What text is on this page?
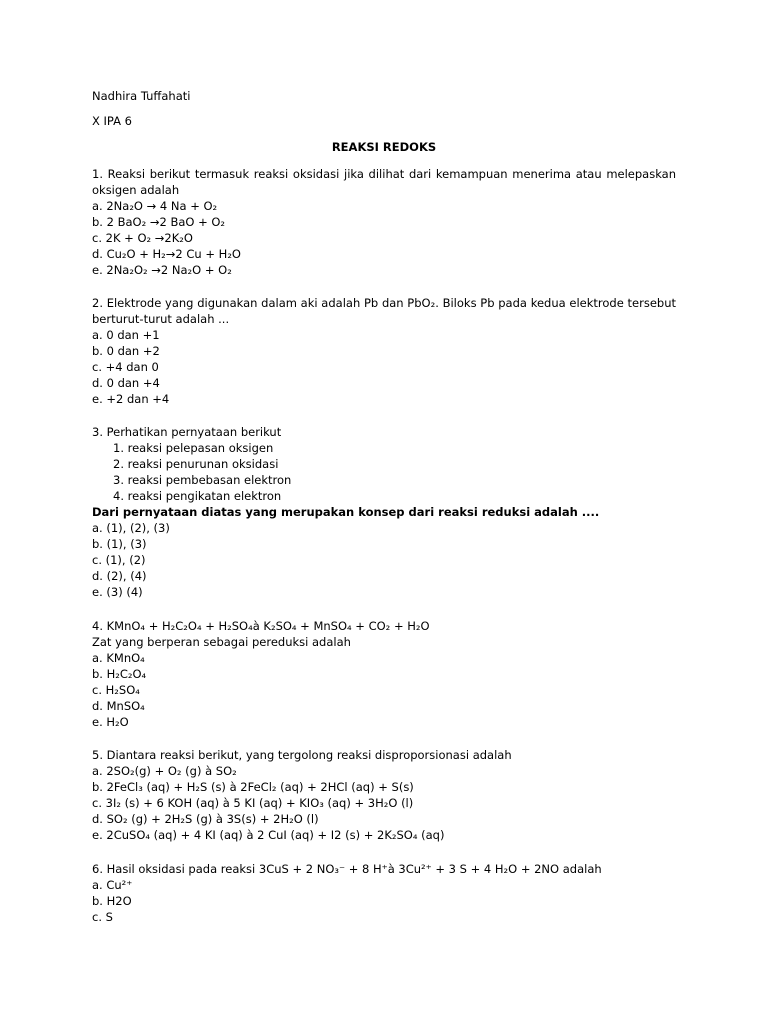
Nadhira Tuffahati
X IPA 6
REAKSI REDOKS
1. Reaksi berikut termasuk reaksi oksidasi jika dilihat dari kemampuan menerima atau melepaskan oksigen adalah
a. 2Na₂O → 4 Na + O₂
b. 2 BaO₂ →2 BaO + O₂
c. 2K + O₂ →2K₂O
d. Cu₂O + H₂→2 Cu + H₂O
e. 2Na₂O₂ →2 Na₂O + O₂
2. Elektrode yang digunakan dalam aki adalah Pb dan PbO₂. Biloks Pb pada kedua elektrode tersebut berturut-turut adalah ...
a. 0 dan +1
b. 0 dan +2
c. +4 dan 0
d. 0 dan +4
e. +2 dan +4
3. Perhatikan pernyataan berikut
1. reaksi pelepasan oksigen
2. reaksi penurunan oksidasi
3. reaksi pembebasan elektron
4. reaksi pengikatan elektron
Dari pernyataan diatas yang merupakan konsep dari reaksi reduksi adalah ....
a. (1), (2), (3)
b. (1), (3)
c. (1), (2)
d. (2), (4)
e. (3) (4)
4. KMnO₄ + H₂C₂O₄ + H₂SO₄à K₂SO₄ + MnSO₄ + CO₂ + H₂O
Zat yang berperan sebagai pereduksi adalah
a. KMnO₄
b. H₂C₂O₄
c. H₂SO₄
d. MnSO₄
e. H₂O
5. Diantara reaksi berikut, yang tergolong reaksi disproporsionasi adalah
a. 2SO₂(g) + O₂ (g) à SO₂
b. 2FeCl₃ (aq) + H₂S (s) à 2FeCl₂ (aq) + 2HCl (aq) + S(s)
c. 3I₂ (s) + 6 KOH (aq) à 5 KI (aq) + KIO₃ (aq) + 3H₂O (l)
d. SO₂ (g) + 2H₂S (g) à 3S(s) + 2H₂O (l)
e. 2CuSO₄ (aq) + 4 KI (aq) à 2 CuI (aq) + I2 (s) + 2K₂SO₄ (aq)
6. Hasil oksidasi pada reaksi 3CuS + 2 NO₃⁻ + 8 H⁺à 3Cu²⁺ + 3 S + 4 H₂O + 2NO adalah
a. Cu²⁺
b. H2O
c. S
